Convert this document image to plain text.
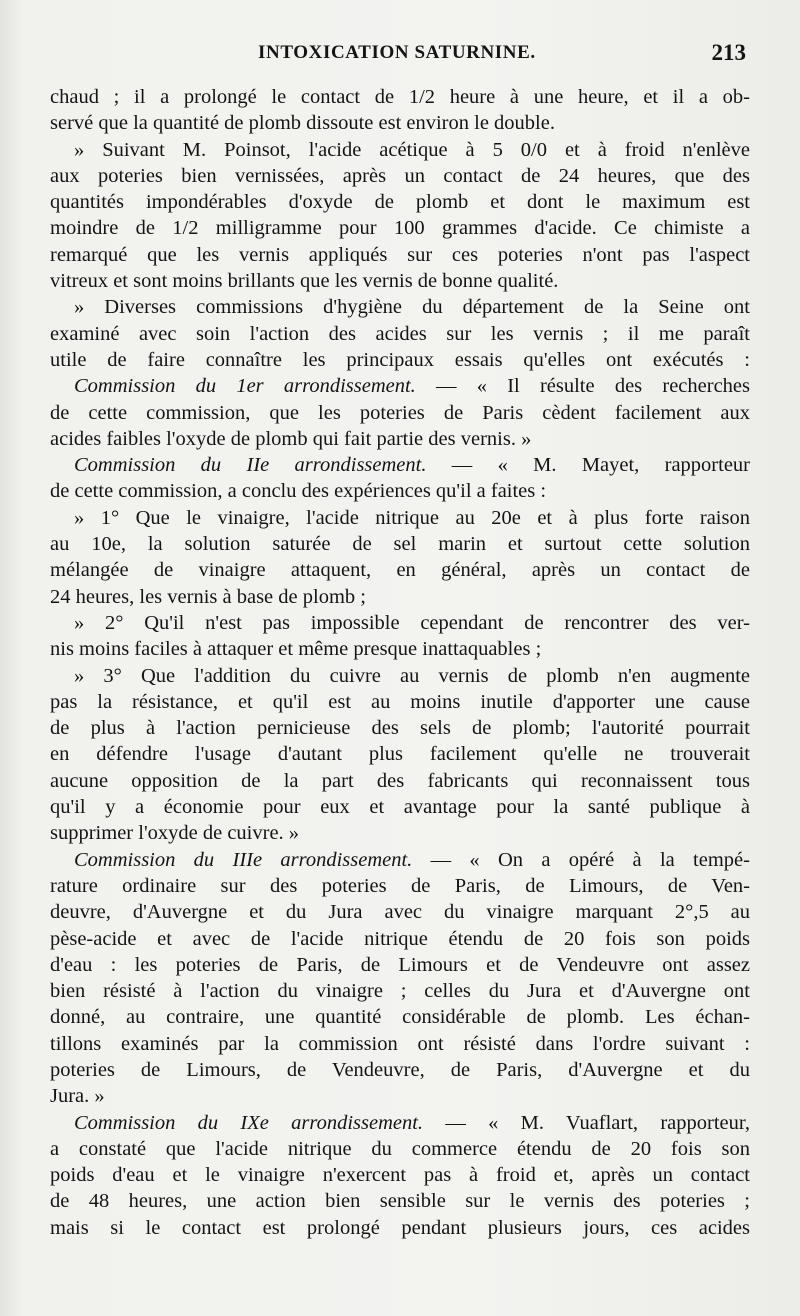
INTOXICATION SATURNINE.	213
chaud ; il a prolongé le contact de 1/2 heure à une heure, et il a ob-
servé que la quantité de plomb dissoute est environ le double.
» Suivant M. Poinsot, l'acide acétique à 5 0/0 et à froid n'enlève
aux poteries bien vernissées, après un contact de 24 heures, que des
quantités impondérables d'oxyde de plomb et dont le maximum est
moindre de 1/2 milligramme pour 100 grammes d'acide. Ce chimiste a
remarqué que les vernis appliqués sur ces poteries n'ont pas l'aspect
vitreux et sont moins brillants que les vernis de bonne qualité.
» Diverses commissions d'hygiène du département de la Seine ont
examiné avec soin l'action des acides sur les vernis ; il me paraît
utile de faire connaître les principaux essais qu'elles ont exécutés :
Commission du 1er arrondissement. — « Il résulte des recherches
de cette commission, que les poteries de Paris cèdent facilement aux
acides faibles l'oxyde de plomb qui fait partie des vernis. »
Commission du IIe arrondissement. — « M. Mayet, rapporteur
de cette commission, a conclu des expériences qu'il a faites :
» 1° Que le vinaigre, l'acide nitrique au 20e et à plus forte raison
au 10e, la solution saturée de sel marin et surtout cette solution
mélangée de vinaigre attaquent, en général, après un contact de
24 heures, les vernis à base de plomb ;
» 2° Qu'il n'est pas impossible cependant de rencontrer des ver-
nis moins faciles à attaquer et même presque inattaquables ;
» 3° Que l'addition du cuivre au vernis de plomb n'en augmente
pas la résistance, et qu'il est au moins inutile d'apporter une cause
de plus à l'action pernicieuse des sels de plomb; l'autorité pourrait
en défendre l'usage d'autant plus facilement qu'elle ne trouverait
aucune opposition de la part des fabricants qui reconnaissent tous
qu'il y a économie pour eux et avantage pour la santé publique à
supprimer l'oxyde de cuivre. »
Commission du IIIe arrondissement. — « On a opéré à la tempé-
rature ordinaire sur des poteries de Paris, de Limours, de Ven-
deuvre, d'Auvergne et du Jura avec du vinaigre marquant 2°,5 au
pèse-acide et avec de l'acide nitrique étendu de 20 fois son poids
d'eau : les poteries de Paris, de Limours et de Vendeuvre ont assez
bien résisté à l'action du vinaigre ; celles du Jura et d'Auvergne ont
donné, au contraire, une quantité considérable de plomb. Les échan-
tillons examinés par la commission ont résisté dans l'ordre suivant :
poteries de Limours, de Vendeuvre, de Paris, d'Auvergne et du
Jura. »
Commission du IXe arrondissement. — « M. Vuaflart, rapporteur,
a constaté que l'acide nitrique du commerce étendu de 20 fois son
poids d'eau et le vinaigre n'exercent pas à froid et, après un contact
de 48 heures, une action bien sensible sur le vernis des poteries ;
mais si le contact est prolongé pendant plusieurs jours, ces acides
